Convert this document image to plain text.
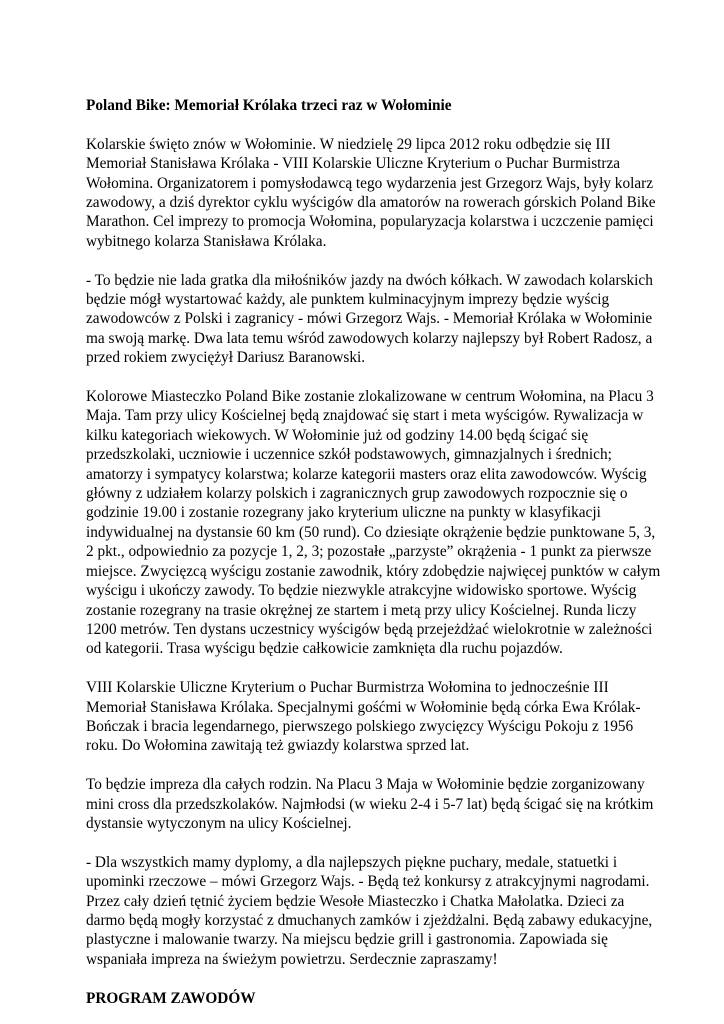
Poland Bike: Memoriał Królaka trzeci raz w Wołominie
Kolarskie święto znów w Wołominie. W niedzielę 29 lipca 2012 roku odbędzie się III
Memoriał Stanisława Królaka - VIII Kolarskie Uliczne Kryterium o Puchar Burmistrza
Wołomina. Organizatorem i pomysłodawcą tego wydarzenia jest Grzegorz Wajs, były kolarz
zawodowy, a dziś dyrektor cyklu wyścigów dla amatorów na rowerach górskich Poland Bike
Marathon. Cel imprezy to promocja Wołomina, popularyzacja kolarstwa i uczczenie pamięci
wybitnego kolarza Stanisława Królaka.
- To będzie nie lada gratka dla miłośników jazdy na dwóch kółkach. W zawodach kolarskich
będzie mógł wystartować każdy, ale punktem kulminacyjnym imprezy będzie wyścig
zawodowców z Polski i zagranicy - mówi Grzegorz Wajs. - Memoriał Królaka w Wołominie
ma swoją markę. Dwa lata temu wśród zawodowych kolarzy najlepszy był Robert Radosz, a
przed rokiem zwyciężył Dariusz Baranowski.
Kolorowe Miasteczko Poland Bike zostanie zlokalizowane w centrum Wołomina, na Placu 3
Maja. Tam przy ulicy Kościelnej będą znajdować się start i meta wyścigów. Rywalizacja w
kilku kategoriach wiekowych. W Wołominie już od godziny 14.00 będą ścigać się
przedszkolaki, uczniowie i uczennice szkół podstawowych, gimnazjalnych i średnich;
amatorzy i sympatycy kolarstwa; kolarze kategorii masters oraz elita zawodowców. Wyścig
główny z udziałem kolarzy polskich i zagranicznych grup zawodowych rozpocznie się o
godzinie 19.00 i zostanie rozegrany jako kryterium uliczne na punkty w klasyfikacji
indywidualnej na dystansie 60 km (50 rund). Co dziesiąte okrążenie będzie punktowane 5, 3,
2 pkt., odpowiednio za pozycje 1, 2, 3; pozostałe „parzyste” okrążenia - 1 punkt za pierwsze
miejsce. Zwycięzcą wyścigu zostanie zawodnik, który zdobędzie najwięcej punktów w całym
wyścigu i ukończy zawody. To będzie niezwykle atrakcyjne widowisko sportowe. Wyścig
zostanie rozegrany na trasie okrężnej ze startem i metą przy ulicy Kościelnej. Runda liczy
1200 metrów. Ten dystans uczestnicy wyścigów będą przejeżdżać wielokrotnie w zależności
od kategorii. Trasa wyścigu będzie całkowicie zamknięta dla ruchu pojazdów.
VIII Kolarskie Uliczne Kryterium o Puchar Burmistrza Wołomina to jednocześnie III
Memoriał Stanisława Królaka. Specjalnymi gośćmi w Wołominie będą córka Ewa Królak-
Bończak i bracia legendarnego, pierwszego polskiego zwycięzcy Wyścigu Pokoju z 1956
roku. Do Wołomina zawitają też gwiazdy kolarstwa sprzed lat.
To będzie impreza dla całych rodzin. Na Placu 3 Maja w Wołominie będzie zorganizowany
mini cross dla przedszkolaków. Najmłodsi (w wieku 2-4 i 5-7 lat) będą ścigać się na krótkim
dystansie wytyczonym na ulicy Kościelnej.
- Dla wszystkich mamy dyplomy, a dla najlepszych piękne puchary, medale, statuetki i
upominki rzeczowe – mówi Grzegorz Wajs. - Będą też konkursy z atrakcyjnymi nagrodami.
Przez cały dzień tętnić życiem będzie Wesołe Miasteczko i Chatka Małolatka. Dzieci za
darmo będą mogły korzystać z dmuchanych zamków i zjeżdżalni. Będą zabawy edukacyjne,
plastyczne i malowanie twarzy. Na miejscu będzie grill i gastronomia. Zapowiada się
wspaniała impreza na świeżym powietrzu. Serdecznie zapraszamy!
PROGRAM ZAWODÓW
